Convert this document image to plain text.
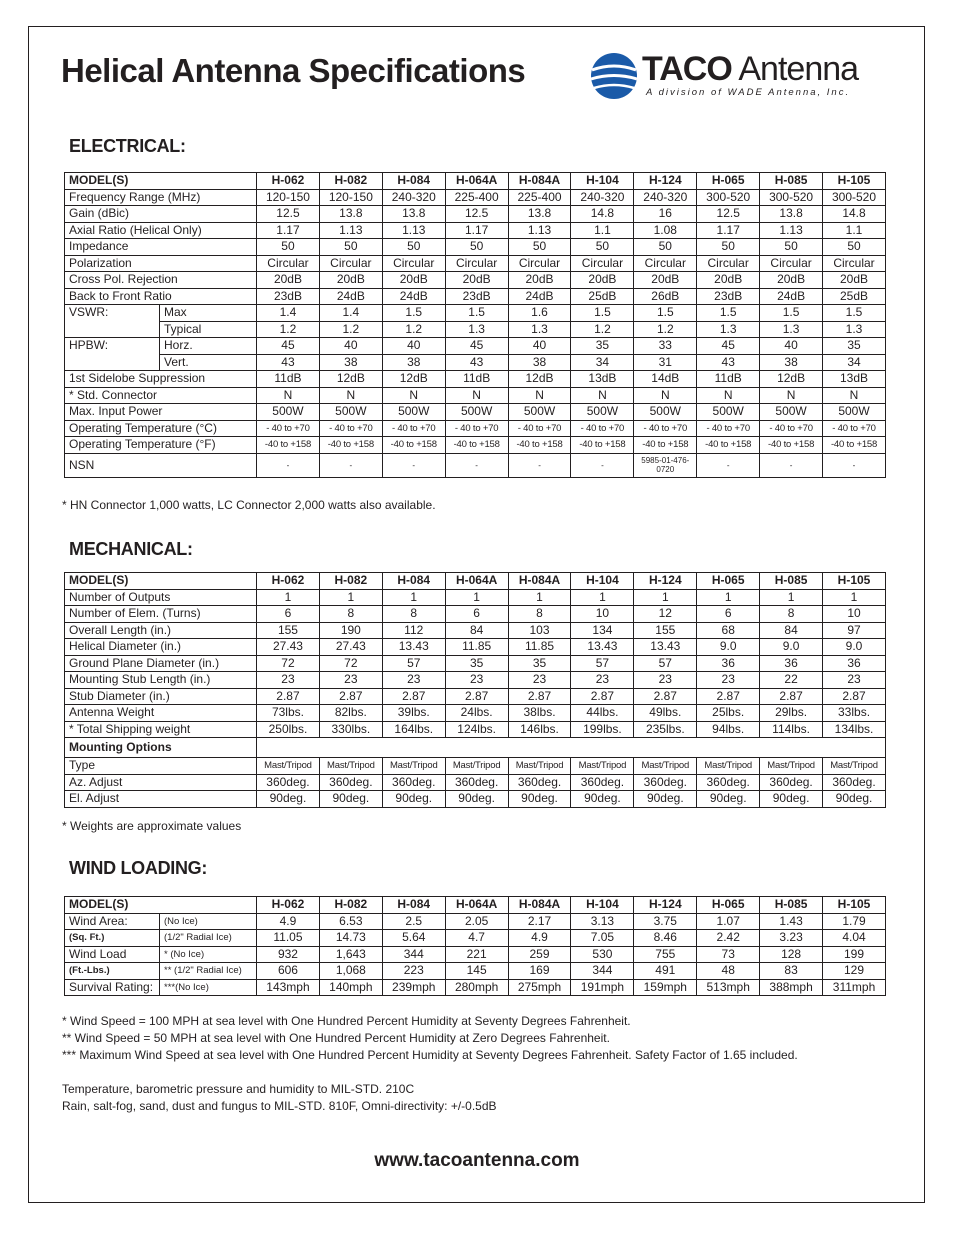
Helical Antenna Specifications	TACO Antenna
A division of WADE Antenna, Inc.
ELECTRICAL:
MODEL(S)		H-062	H-082	H-084	H-064A	H-084A	H-104	H-124	H-065	H-085	H-105
Frequency Range (MHz)		120-150	120-150	240-320	225-400	225-400	240-320	240-320	300-520	300-520	300-520
Gain (dBic)		12.5	13.8	13.8	12.5	13.8	14.8	16	12.5	13.8	14.8
Axial Ratio (Helical Only)		1.17	1.13	1.13	1.17	1.13	1.1	1.08	1.17	1.13	1.1
Impedance		50	50	50	50	50	50	50	50	50	50
Polarization		Circular	Circular	Circular	Circular	Circular	Circular	Circular	Circular	Circular	Circular
Cross Pol. Rejection		20dB	20dB	20dB	20dB	20dB	20dB	20dB	20dB	20dB	20dB
Back to Front Ratio		23dB	24dB	24dB	23dB	24dB	25dB	26dB	23dB	24dB	25dB
VSWR:	Max	1.4	1.4	1.5	1.5	1.6	1.5	1.5	1.5	1.5	1.5
	Typical	1.2	1.2	1.2	1.3	1.3	1.2	1.2	1.3	1.3	1.3
HPBW:	Horz.	45	40	40	45	40	35	33	45	40	35
	Vert.	43	38	38	43	38	34	31	43	38	34
1st Sidelobe Suppression		11dB	12dB	12dB	11dB	12dB	13dB	14dB	11dB	12dB	13dB
* Std. Connector		N	N	N	N	N	N	N	N	N	N
Max. Input Power		500W	500W	500W	500W	500W	500W	500W	500W	500W	500W
Operating Temperature (°C)		- 40 to +70	- 40 to +70	- 40 to +70	- 40 to +70	- 40 to +70	- 40 to +70	- 40 to +70	- 40 to +70	- 40 to +70	- 40 to +70
Operating Temperature (°F)		-40 to +158	-40 to +158	-40 to +158	-40 to +158	-40 to +158	-40 to +158	-40 to +158	-40 to +158	-40 to +158	-40 to +158
NSN		-	-	-	-	-	-	5985-01-476-0720	-	-	-

* HN Connector 1,000 watts, LC Connector 2,000 watts also available.

MECHANICAL:
MODEL(S)	H-062	H-082	H-084	H-064A	H-084A	H-104	H-124	H-065	H-085	H-105
Number of Outputs	1	1	1	1	1	1	1	1	1	1
Number of Elem. (Turns)	6	8	8	6	8	10	12	6	8	10
Overall Length (in.)	155	190	112	84	103	134	155	68	84	97
Helical Diameter (in.)	27.43	27.43	13.43	11.85	11.85	13.43	13.43	9.0	9.0	9.0
Ground Plane Diameter (in.)	72	72	57	35	35	57	57	36	36	36
Mounting Stub Length (in.)	23	23	23	23	23	23	23	23	22	23
Stub Diameter (in.)	2.87	2.87	2.87	2.87	2.87	2.87	2.87	2.87	2.87	2.87
Antenna Weight	73lbs.	82lbs.	39lbs.	24lbs.	38lbs.	44lbs.	49lbs.	25lbs.	29lbs.	33lbs.
* Total Shipping weight	250lbs.	330lbs.	164lbs.	124lbs.	146lbs.	199lbs.	235lbs.	94lbs.	114lbs.	134lbs.
Mounting Options										
Type	Mast/Tripod	Mast/Tripod	Mast/Tripod	Mast/Tripod	Mast/Tripod	Mast/Tripod	Mast/Tripod	Mast/Tripod	Mast/Tripod	Mast/Tripod
Az. Adjust	360deg.	360deg.	360deg.	360deg.	360deg.	360deg.	360deg.	360deg.	360deg.	360deg.
El. Adjust	90deg.	90deg.	90deg.	90deg.	90deg.	90deg.	90deg.	90deg.	90deg.	90deg.

* Weights are approximate values

WIND LOADING:
MODEL(S)		H-062	H-082	H-084	H-064A	H-084A	H-104	H-124	H-065	H-085	H-105
Wind Area:	(No Ice)	4.9	6.53	2.5	2.05	2.17	3.13	3.75	1.07	1.43	1.79
(Sq. Ft.)	(1/2" Radial Ice)	11.05	14.73	5.64	4.7	4.9	7.05	8.46	2.42	3.23	4.04
Wind Load	* (No Ice)	932	1,643	344	221	259	530	755	73	128	199
(Ft.-Lbs.)	** (1/2" Radial Ice)	606	1,068	223	145	169	344	491	48	83	129
Survival Rating:	***(No Ice)	143mph	140mph	239mph	280mph	275mph	191mph	159mph	513mph	388mph	311mph
* Wind Speed = 100 MPH at sea level with One Hundred Percent Humidity at Seventy Degrees Fahrenheit.
** Wind Speed = 50 MPH at sea level with One Hundred Percent Humidity at Zero Degrees Fahrenheit.
*** Maximum Wind Speed at sea level with One Hundred Percent Humidity at Seventy Degrees Fahrenheit. Safety Factor of 1.65 included.
Temperature, barometric pressure and humidity to MIL-STD. 210C
Rain, salt-fog, sand, dust and fungus to MIL-STD. 810F, Omni-directivity: +/-0.5dB
www.tacoantenna.com
